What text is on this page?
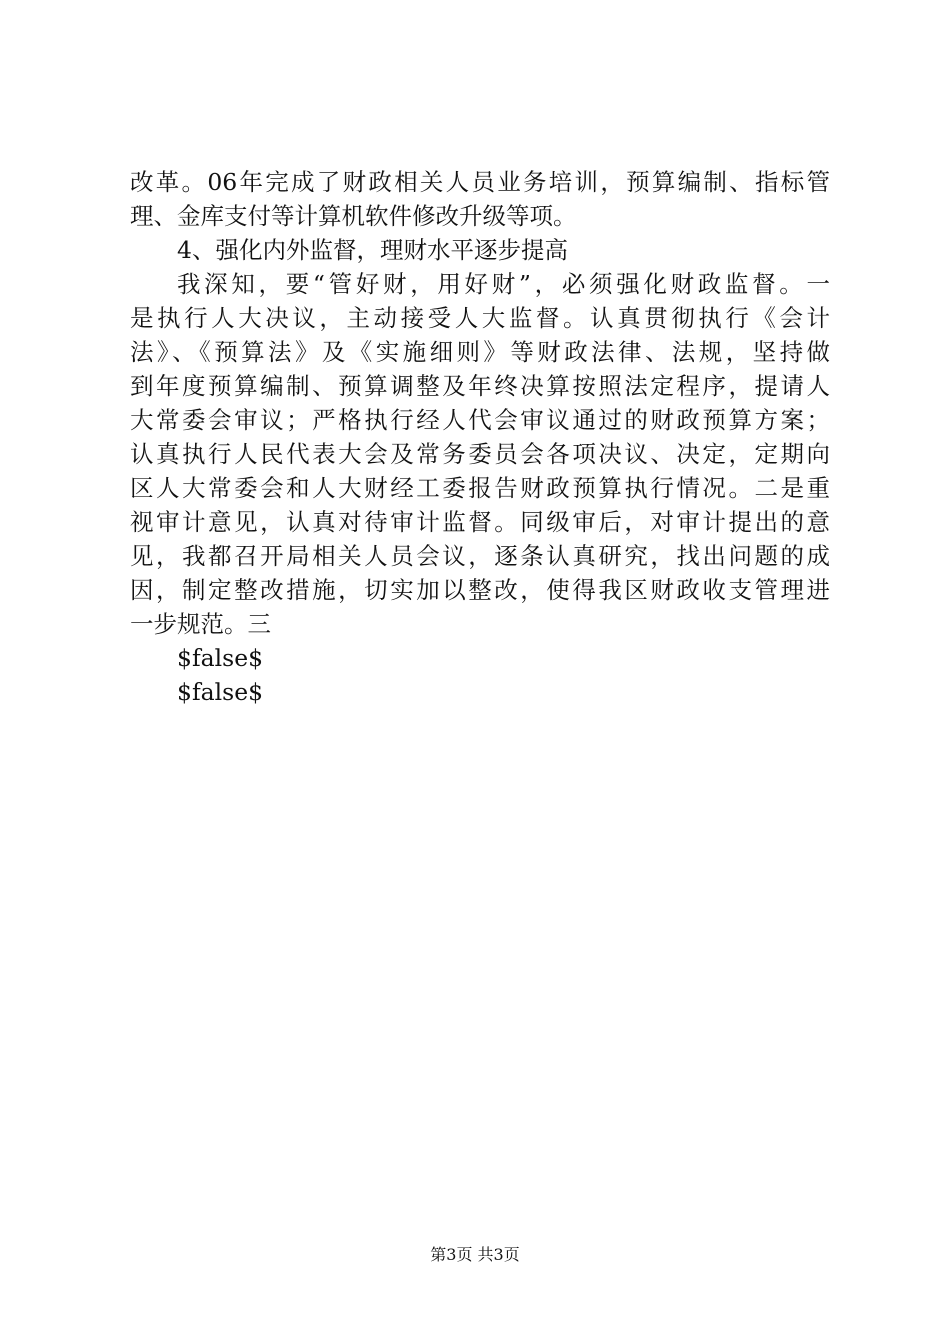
改革。06年完成了财政相关人员业务培训，预算编制、指标管
理、金库支付等计算机软件修改升级等项。
4、强化内外监督，理财水平逐步提高
我深知，要“管好财，用好财”，必须强化财政监督。一
是执行人大决议，主动接受人大监督。认真贯彻执行《会计
法》、《预算法》及《实施细则》等财政法律、法规，坚持做
到年度预算编制、预算调整及年终决算按照法定程序，提请人
大常委会审议；严格执行经人代会审议通过的财政预算方案；
认真执行人民代表大会及常务委员会各项决议、决定，定期向
区人大常委会和人大财经工委报告财政预算执行情况。二是重
视审计意见，认真对待审计监督。同级审后，对审计提出的意
见，我都召开局相关人员会议，逐条认真研究，找出问题的成
因，制定整改措施，切实加以整改，使得我区财政收支管理进
一步规范。三
$false$
$false$
第3页 共3页
